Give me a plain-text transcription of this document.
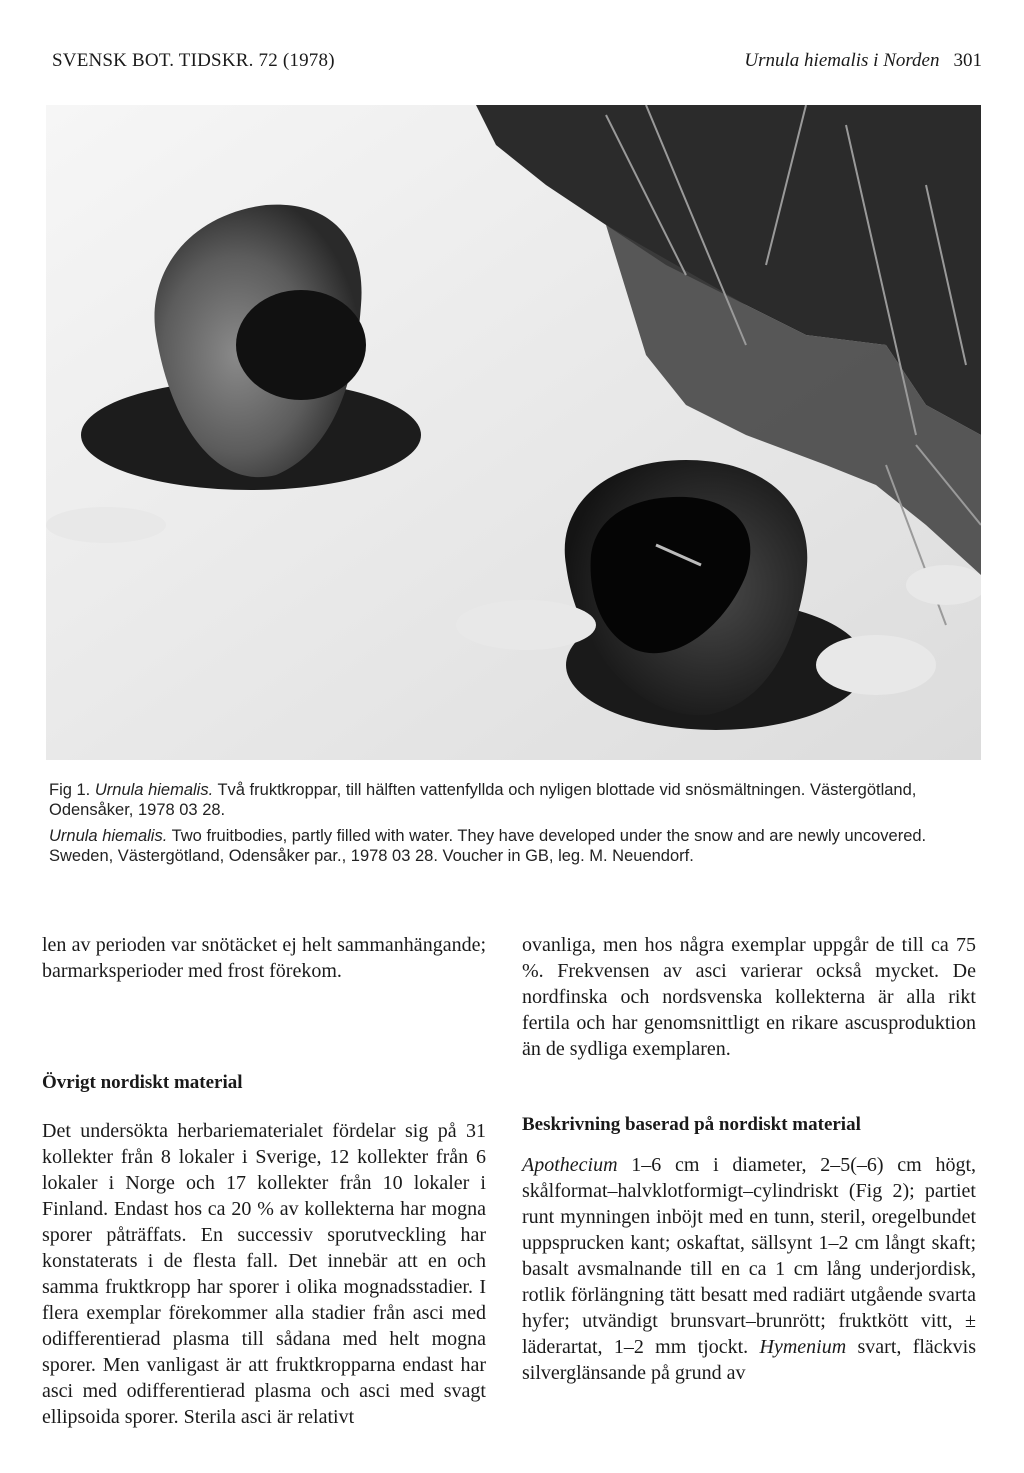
SVENSK BOT. TIDSKR. 72 (1978)	Urnula hiemalis i Norden 301
Fig 1. Urnula hiemalis. Två fruktkroppar, till hälften vattenfyllda och nyligen blottade vid snösmältningen. Västergötland, Odensåker, 1978 03 28.
Urnula hiemalis. Two fruitbodies, partly filled with water. They have developed under the snow and are newly uncovered. Sweden, Västergötland, Odensåker par., 1978 03 28. Voucher in GB, leg. M. Neuendorf.

len av perioden var snötäcket ej helt sammanhängande; barmarksperioder med frost förekom.

Övrigt nordiskt material

Det undersökta herbariematerialet fördelar sig på 31 kollekter från 8 lokaler i Sverige, 12 kollekter från 6 lokaler i Norge och 17 kollekter från 10 lokaler i Finland. Endast hos ca 20 % av kollekterna har mogna sporer påträffats. En successiv sporutveckling har konstaterats i de flesta fall. Det innebär att en och samma fruktkropp har sporer i olika mognadsstadier. I flera exemplar förekommer alla stadier från asci med odifferentierad plasma till sådana med helt mogna sporer. Men vanligast är att fruktkropparna endast har asci med odifferentierad plasma och asci med svagt ellipsoida sporer. Sterila asci är relativt

ovanliga, men hos några exemplar uppgår de till ca 75 %. Frekvensen av asci varierar också mycket. De nordfinska och nordsvenska kollekterna är alla rikt fertila och har genomsnittligt en rikare ascusproduktion än de sydliga exemplaren.

Beskrivning baserad på nordiskt material

Apothecium 1–6 cm i diameter, 2–5(–6) cm högt, skålformat–halvklotformigt–cylindriskt (Fig 2); partiet runt mynningen inböjt med en tunn, steril, oregelbundet uppsprucken kant; oskaftat, sällsynt 1–2 cm långt skaft; basalt avsmalnande till en ca 1 cm lång underjordisk, rotlik förlängning tätt besatt med radiärt utgående svarta hyfer; utvändigt brunsvart–brunrött; fruktkött vitt, ± läderartat, 1–2 mm tjockt. Hymenium svart, fläckvis silverglänsande på grund av
